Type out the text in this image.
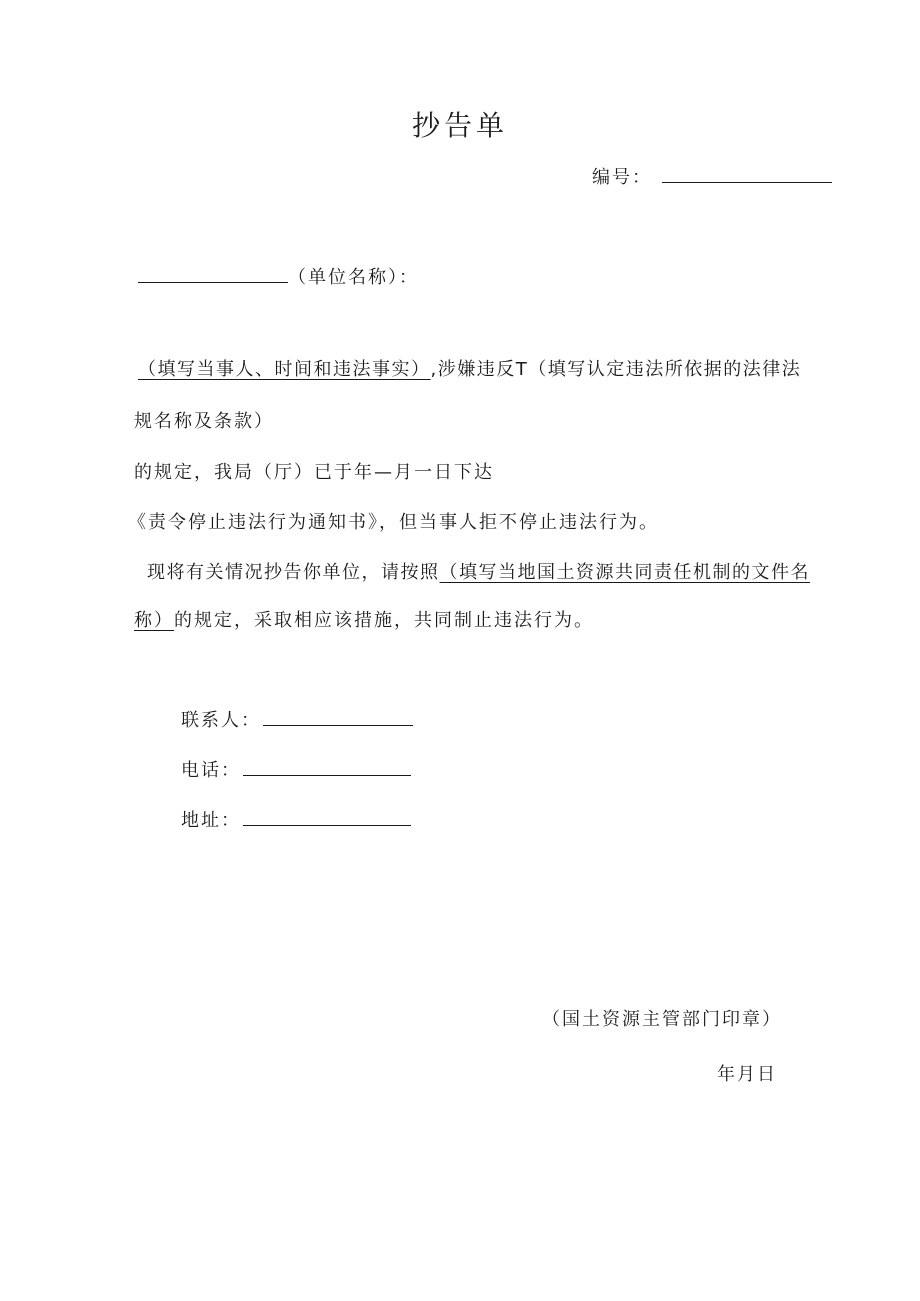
抄告单
编号：
（单位名称）：
（填写当事人、时间和违法事实）,涉嫌违反T（填写认定违法所依据的法律法
规名称及条款）
的规定，我局（厅）已于年—月一日下达
《责令停止违法行为通知书》，但当事人拒不停止违法行为。
现将有关情况抄告你单位，请按照（填写当地国土资源共同责任机制的文件名
称）的规定，采取相应该措施，共同制止违法行为。
联系人：
电话：
地址：
（国土资源主管部门印章）
年月日
